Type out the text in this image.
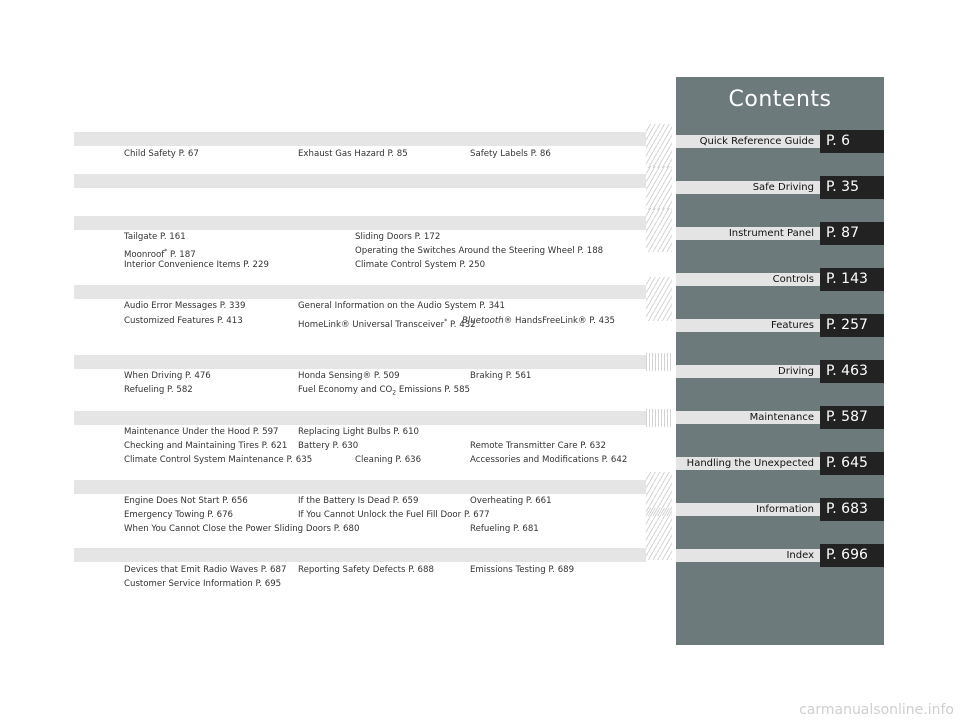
Child Safety P. 67	Exhaust Gas Hazard P. 85	Safety Labels P. 86
Tailgate P. 161	Sliding Doors P. 172
Moonroof* P. 187	Operating the Switches Around the Steering Wheel P. 188
Interior Convenience Items P. 229	Climate Control System P. 250
Audio Error Messages P. 339	General Information on the Audio System P. 341
Customized Features P. 413	HomeLink® Universal Transceiver* P. 432
Bluetooth® HandsFreeLink® P. 435
When Driving P. 476	Honda Sensing® P. 509	Braking P. 561
Refueling P. 582	Fuel Economy and $CO_2$ Emissions P. 585
Maintenance Under the Hood P. 597 Replacing Light Bulbs P. 610
Checking and Maintaining Tires P. 621 Battery P. 630	Remote Transmitter Care P. 632
Climate Control System Maintenance P. 635	Cleaning P. 636	Accessories and Modifications P. 642
Engine Does Not Start P. 656	If the Battery Is Dead P. 659	Overheating P. 661
Emergency Towing P. 676	If You Cannot Unlock the Fuel Fill Door P. 677
When You Cannot Close the Power Sliding Doors P. 680	Refueling P. 681
Devices that Emit Radio Waves P. 687 Reporting Safety Defects P. 688	Emissions Testing P. 689
Customer Service Information P. 695
Contents
Quick Reference Guide P. 6
Safe Driving P. 35
Instrument Panel P. 87
Controls P. 143
Features P. 257
Driving P. 463
Maintenance P. 587
Handling the Unexpected P. 645
Information P. 683
Index P. 696
carmanualsonline.info
